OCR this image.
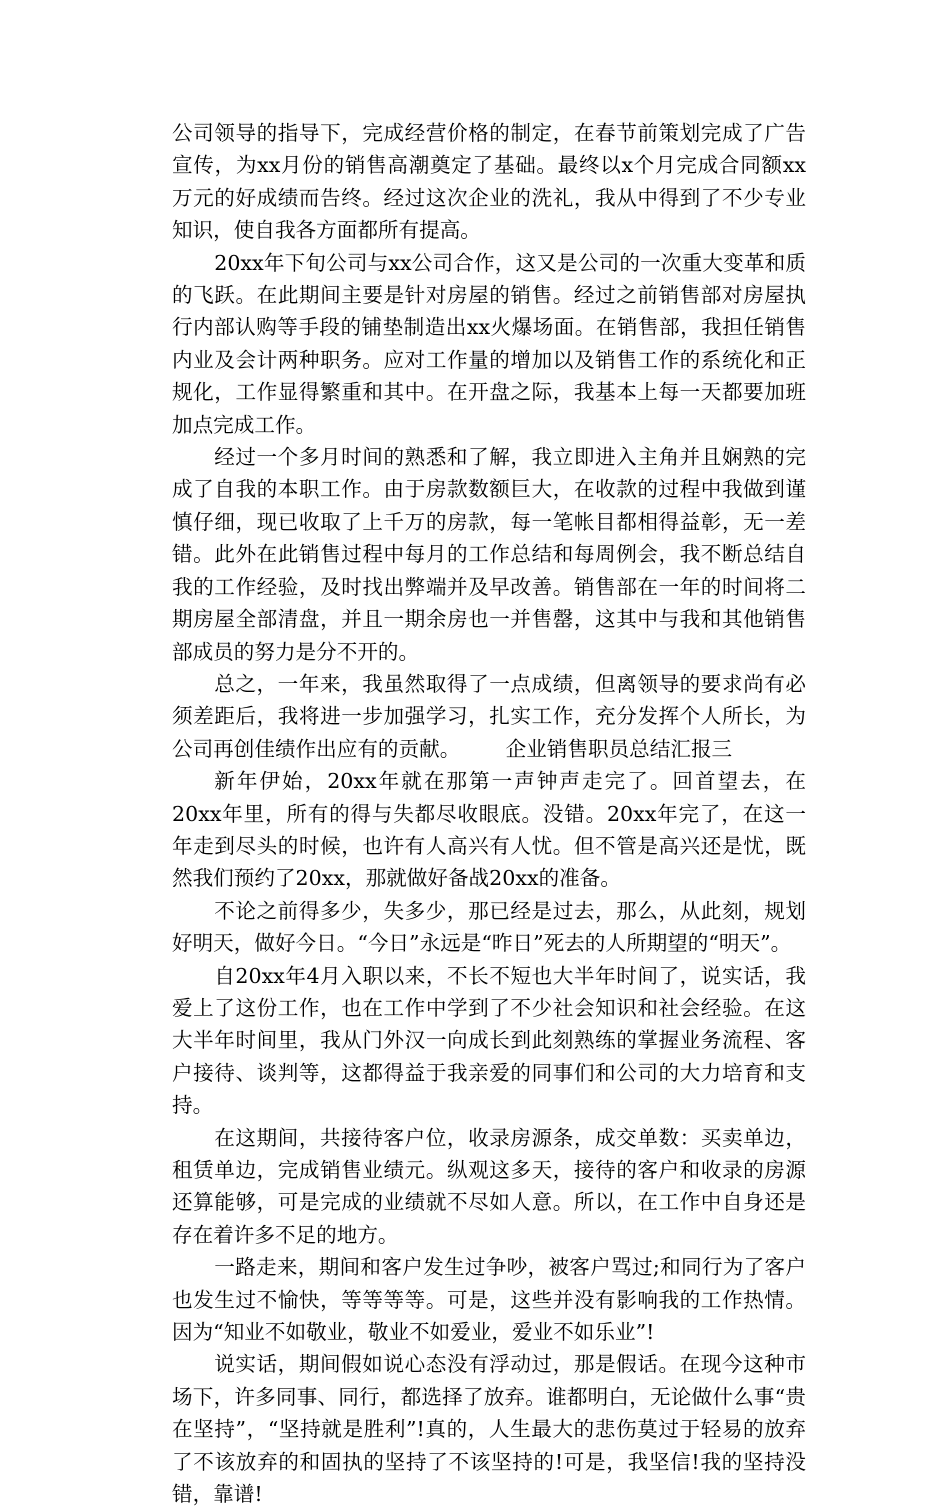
公司领导的指导下，完成经营价格的制定，在春节前策划完成了广告宣传，为xx月份的销售高潮奠定了基础。最终以x个月完成合同额xx万元的好成绩而告终。经过这次企业的洗礼，我从中得到了不少专业知识，使自我各方面都所有提高。

20xx年下旬公司与xx公司合作，这又是公司的一次重大变革和质的飞跃。在此期间主要是针对房屋的销售。经过之前销售部对房屋执行内部认购等手段的铺垫制造出xx火爆场面。在销售部，我担任销售内业及会计两种职务。应对工作量的增加以及销售工作的系统化和正规化，工作显得繁重和其中。在开盘之际，我基本上每一天都要加班加点完成工作。

经过一个多月时间的熟悉和了解，我立即进入主角并且娴熟的完成了自我的本职工作。由于房款数额巨大，在收款的过程中我做到谨慎仔细，现已收取了上千万的房款，每一笔帐目都相得益彰，无一差错。此外在此销售过程中每月的工作总结和每周例会，我不断总结自我的工作经验，及时找出弊端并及早改善。销售部在一年的时间将二期房屋全部清盘，并且一期余房也一并售罄，这其中与我和其他销售部成员的努力是分不开的。

总之，一年来，我虽然取得了一点成绩，但离领导的要求尚有必须差距后，我将进一步加强学习，扎实工作，充分发挥个人所长，为公司再创佳绩作出应有的贡献。 企业销售职员总结汇报三

新年伊始，20xx年就在那第一声钟声走完了。回首望去，在20xx年里，所有的得与失都尽收眼底。没错。20xx年完了，在这一年走到尽头的时候，也许有人高兴有人忧。但不管是高兴还是忧，既然我们预约了20xx，那就做好备战20xx的准备。

不论之前得多少，失多少，那已经是过去，那么，从此刻，规划好明天，做好今日。“今日”永远是“昨日”死去的人所期望的“明天”。

自20xx年4月入职以来，不长不短也大半年时间了，说实话，我爱上了这份工作，也在工作中学到了不少社会知识和社会经验。在这大半年时间里，我从门外汉一向成长到此刻熟练的掌握业务流程、客户接待、谈判等，这都得益于我亲爱的同事们和公司的大力培育和支持。

在这期间，共接待客户位，收录房源条，成交单数：买卖单边，租赁单边，完成销售业绩元。纵观这多天，接待的客户和收录的房源还算能够，可是完成的业绩就不尽如人意。所以，在工作中自身还是存在着许多不足的地方。

一路走来，期间和客户发生过争吵，被客户骂过;和同行为了客户也发生过不愉快，等等等等。可是，这些并没有影响我的工作热情。因为“知业不如敬业，敬业不如爱业，爱业不如乐业”!

说实话，期间假如说心态没有浮动过，那是假话。在现今这种市场下，许多同事、同行，都选择了放弃。谁都明白，无论做什么事“贵在坚持”，“坚持就是胜利”!真的，人生最大的悲伤莫过于轻易的放弃了不该放弃的和固执的坚持了不该坚持的!可是，我坚信!我的坚持没错，靠谱!
